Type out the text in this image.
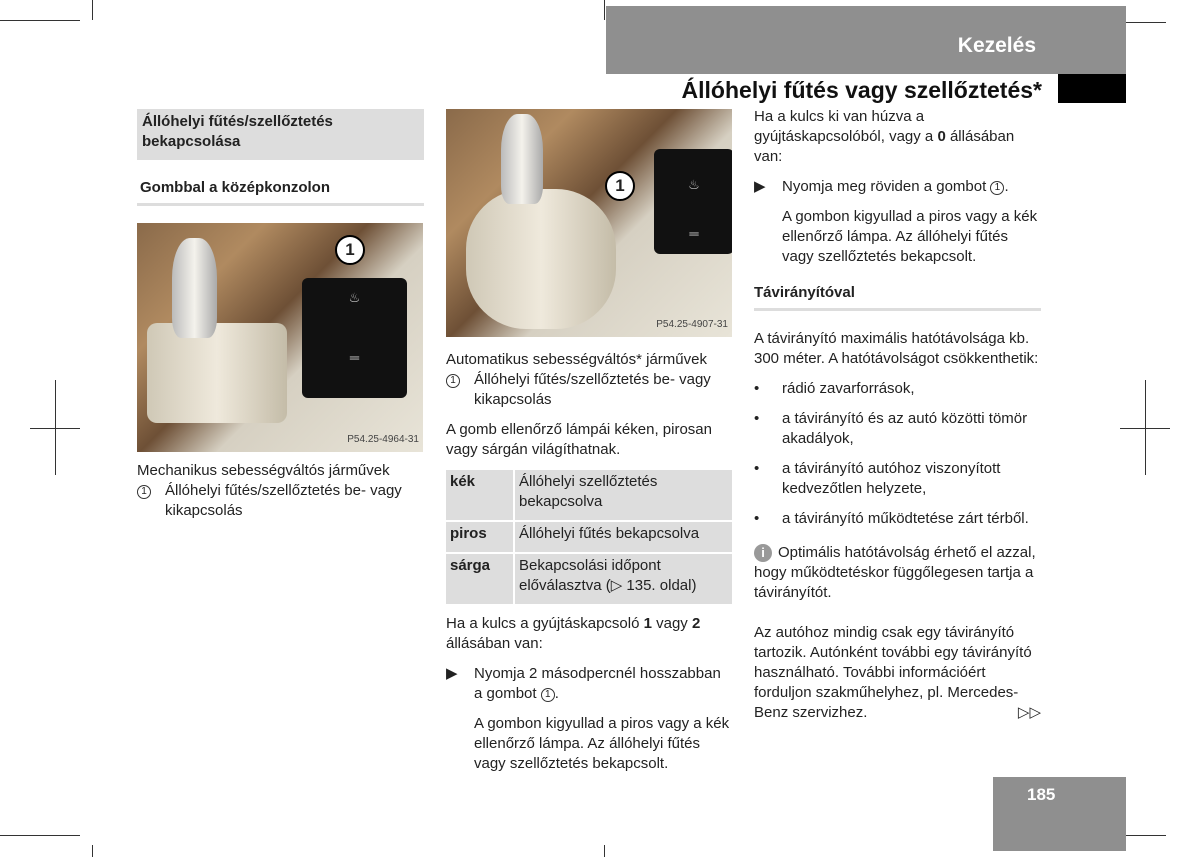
Kezelés
Állóhelyi fűtés vagy szellőztetés*
Állóhelyi fűtés/szellőztetés bekapcsolása
Gombbal a középkonzolon
♨
═
1
P54.25-4964-31
Mechanikus sebességváltós járművek
1	Állóhelyi fűtés/szellőztetés be- vagy kikapcsolás
♨
═
1
P54.25-4907-31
Automatikus sebességváltós* járművek
1	Állóhelyi fűtés/szellőztetés be- vagy kikapcsolás

A gomb ellenőrző lámpái kéken, pirosan vagy sárgán világíthatnak.

kék	Állóhelyi szellőztetés bekapcsolva
piros	Állóhelyi fűtés bekapcsolva
sárga	Bekapcsolási időpont előválasztva (▷ 135. oldal)

Ha a kulcs a gyújtáskapcsoló 1 vagy 2 állásában van:

▶	Nyomja 2 másodpercnél hosszabban a gombot 1 .

A gombon kigyullad a piros vagy a kék ellenőrző lámpa. Az állóhelyi fűtés vagy szellőztetés bekapcsolt.

Ha a kulcs ki van húzva a gyújtáskapcsolóból, vagy a 0 állásában van:

▶	Nyomja meg röviden a gombot 1 .

A gombon kigyullad a piros vagy a kék ellenőrző lámpa. Az állóhelyi fűtés vagy szellőztetés bekapcsolt.

Távirányítóval

A távirányító maximális hatótávolsága kb. 300 méter. A hatótávolságot csökkenthetik:

•	rádió zavarforrások,
•	a távirányító és az autó közötti tömör akadályok,
•	a távirányító autóhoz viszonyított kedvezőtlen helyzete,
•	a távirányító működtetése zárt térből.

i Optimális hatótávolság érhető el azzal, hogy működtetéskor függőlegesen tartja a távirányítót.

Az autóhoz mindig csak egy távirányító tartozik. Autónként további egy távirányító használható. További információért forduljon szakműhelyhez, pl. Mercedes-Benz szervizhez.	▷▷

185
